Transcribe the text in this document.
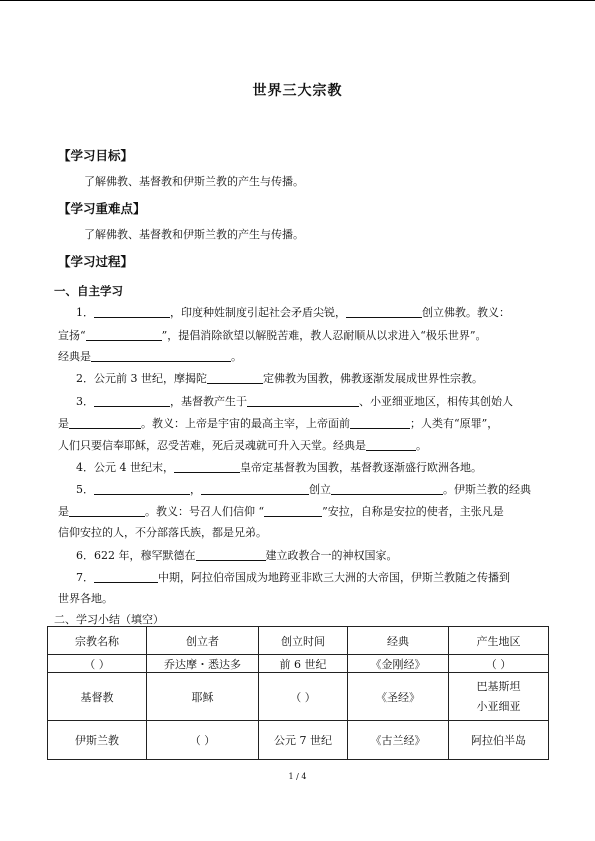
世界三大宗教
【学习目标】
了解佛教、基督教和伊斯兰教的产生与传播。
【学习重难点】
了解佛教、基督教和伊斯兰教的产生与传播。
【学习过程】
一、自主学习
1．	，印度种姓制度引起社会矛盾尖锐，	创立佛教。教义：
宣扬“	”，提倡消除欲望以解脱苦难，教人忍耐顺从以求进入“极乐世界”。
经典是	。
2．公元前 3 世纪，摩揭陀	定佛教为国教，佛教逐渐发展成世界性宗教。
3．	，基督教产生于	、小亚细亚地区，相传其创始人
是	。教义：上帝是宇宙的最高主宰，上帝面前	；人类有“原罪”，
人们只要信奉耶稣，忍受苦难，死后灵魂就可升入天堂。经典是	。
4．公元 4 世纪末，	皇帝定基督教为国教，基督教逐渐盛行欧洲各地。
5．	，	创立	。伊斯兰教的经典
是	。教义：号召人们信仰 “	”安拉，自称是安拉的使者，主张凡是
信仰安拉的人，不分部落氏族，都是兄弟。
6．622 年，穆罕默德在	建立政教合一的神权国家。
7．	中期，阿拉伯帝国成为地跨亚非欧三大洲的大帝国，伊斯兰教随之传播到
世界各地。
二、学习小结（填空）
宗教名称	创立者	创立时间	经典	产生地区
（ ）	乔达摩・悉达多	前 6 世纪	《金刚经》	（ ）
基督教	耶稣	（ ）	《圣经》	巴基斯坦
小亚细亚

伊斯兰教	（ ）	公元 7 世纪	《古兰经》	阿拉伯半岛
1 / 4
